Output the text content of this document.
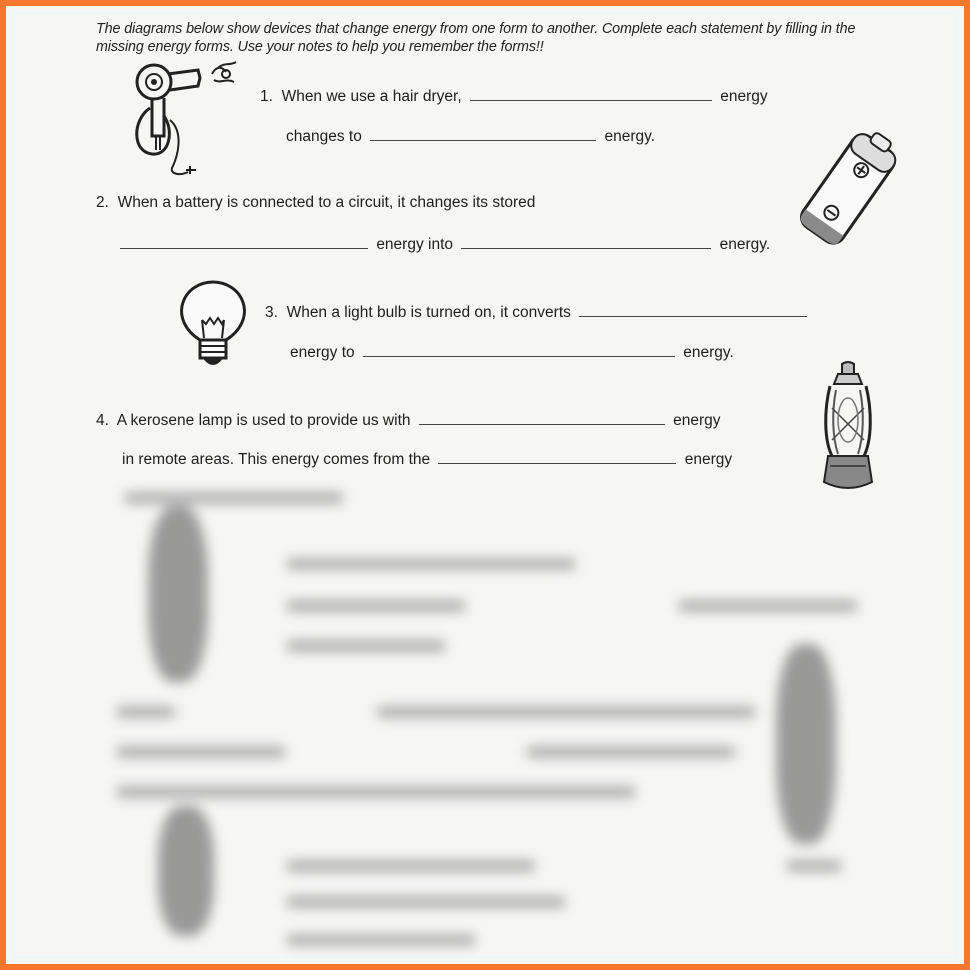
The diagrams below show devices that change energy from one form to another. Complete each statement by filling in the missing energy forms. Use your notes to help you remember the forms!!
1. When we use a hair dryer,	energy
changes to	energy.
2. When a battery is connected to a circuit, it changes its stored
energy into	energy.
3. When a light bulb is turned on, it converts
energy to	energy.
4. A kerosene lamp is used to provide us with	energy
in remote areas. This energy comes from the	energy
